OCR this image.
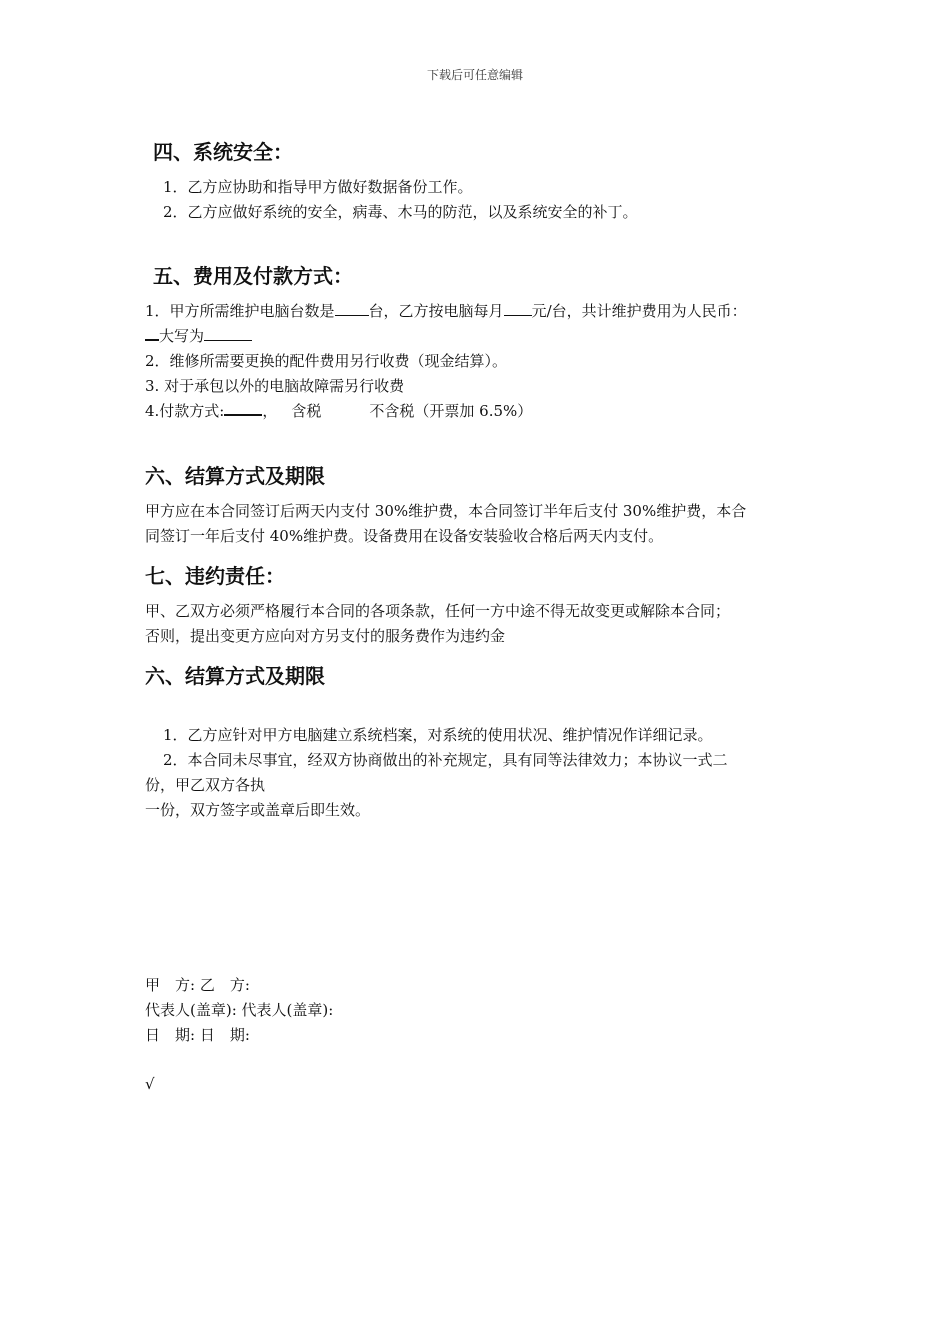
下载后可任意编辑
四、系统安全：
1．乙方应协助和指导甲方做好数据备份工作。
2．乙方应做好系统的安全，病毒、木马的防范，以及系统安全的补丁。
五、费用及付款方式：
1．甲方所需维护电脑台数是 台，乙方按电脑每月 元/台，共计维护费用为人民币：
大写为
2．维修所需要更换的配件费用另行收费（现金结算）。
3. 对于承包以外的电脑故障需另行收费
4.付款方式:	， 含税	不含税（开票加 6.5%）
六、结算方式及期限
甲方应在本合同签订后两天内支付 30%维护费，本合同签订半年后支付 30%维护费，本合
同签订一年后支付 40%维护费。设备费用在设备安装验收合格后两天内支付。
七、违约责任：
甲、乙双方必须严格履行本合同的各项条款，任何一方中途不得无故变更或解除本合同；
否则，提出变更方应向对方另支付的服务费作为违约金
六、结算方式及期限
1．乙方应针对甲方电脑建立系统档案，对系统的使用状况、维护情况作详细记录。
2．本合同未尽事宜，经双方协商做出的补充规定，具有同等法律效力；本协议一式二
份，甲乙双方各执
一份，双方签字或盖章后即生效。
甲　方: 乙　方:
代表人(盖章): 代表人(盖章):
日　期: 日　期:
√
